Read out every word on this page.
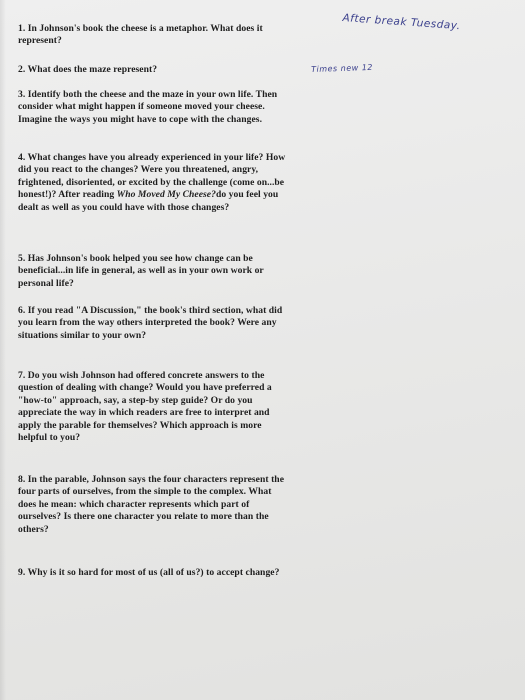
After break Tuesday.

Times new 12

1. In Johnson's book the cheese is a metaphor. What does it represent?

2. What does the maze represent?

3. Identify both the cheese and the maze in your own life. Then consider what might happen if someone moved your cheese. Imagine the ways you might have to cope with the changes.

4. What changes have you already experienced in your life? How did you react to the changes? Were you threatened, angry, frightened, disoriented, or excited by the challenge (come on...be honest!)? After reading Who Moved My Cheese?do you feel you dealt as well as you could have with those changes?

5. Has Johnson's book helped you see how change can be beneficial...in life in general, as well as in your own work or personal life?

6. If you read "A Discussion," the book's third section, what did you learn from the way others interpreted the book? Were any situations similar to your own?

7. Do you wish Johnson had offered concrete answers to the question of dealing with change? Would you have preferred a "how-to" approach, say, a step-by step guide? Or do you appreciate the way in which readers are free to interpret and apply the parable for themselves? Which approach is more helpful to you?

8. In the parable, Johnson says the four characters represent the four parts of ourselves, from the simple to the complex. What does he mean: which character represents which part of ourselves? Is there one character you relate to more than the others?

9. Why is it so hard for most of us (all of us?) to accept change?
